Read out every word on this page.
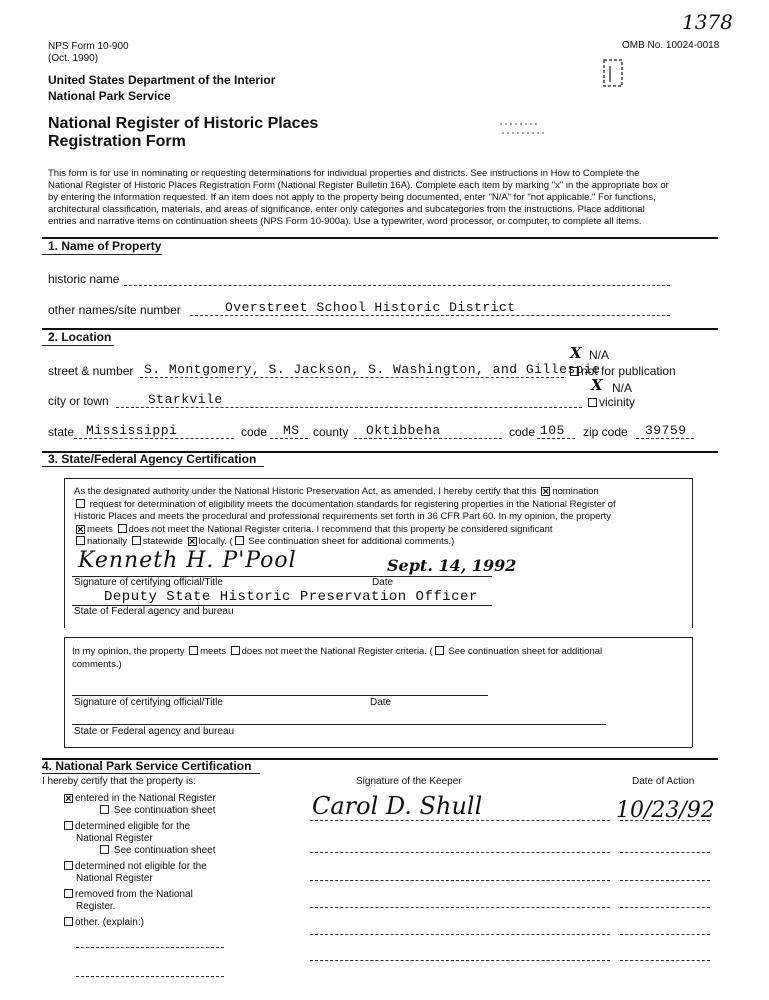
1378
NPS Form 10-900
(Oct. 1990)
OMB No. 10024-0018
United States Department of the Interior
National Park Service
National Register of Historic Places
Registration Form
This form is for use in nominating or requesting determinations for individual properties and districts. See instructions in How to Complete the
National Register of Historic Places Registration Form (National Register Bulletin 16A). Complete each item by marking "x" in the appropriate box or
by entering the information requested. If an item does not apply to the property being documented, enter "N/A" for "not applicable." For functions,
architectural classification, materials, and areas of significance, enter only categories and subcategories from the instructions. Place additional
entries and narrative items on continuation sheets (NPS Form 10-900a). Use a typewriter, word processor, or computer, to complete all items.
1. Name of Property
historic name
other names/site number	Overstreet School Historic District
2. Location
street & number S. Montgomery, S. Jackson, S. Washington, and Gillespie
X N/A
not for publication
city or town	Starkvile
X N/A
vicinity
state Mississippi	code MS county Oktibbeha	code 105 zip code 39759
3. State/Federal Agency Certification
As the designated authority under the National Historic Preservation Act, as amended, I hereby certify that this × nomination
request for determination of eligibility meets the documentation standards for registering properties in the National Register of
Historic Places and meets the procedural and professional requirements set forth in 36 CFR Part 60. In my opinion, the property
×meets does not meet the National Register criteria. I recommend that this property be considered significant
nationally statewide × locally. ( See continuation sheet for additional comments.)
Kenneth H. P'Pool	Sept. 14, 1992
Signature of certifying official/Title	Date
Deputy State Historic Preservation Officer
State of Federal agency and bureau
In my opinion, the property meets does not meet the National Register criteria. ( See continuation sheet for additional
comments.)
Signature of certifying official/Title	Date
State or Federal agency and bureau
4. National Park Service Certification
I hereby certify that the property is:	Signature of the Keeper	Date of Action
×entered in the National Register
See continuation sheet
determined eligible for the
National Register
See continuation sheet
determined not eligible for the
National Register
removed from the National
Register.
other. (explain:)
Carol D. Shull	10/23/92
